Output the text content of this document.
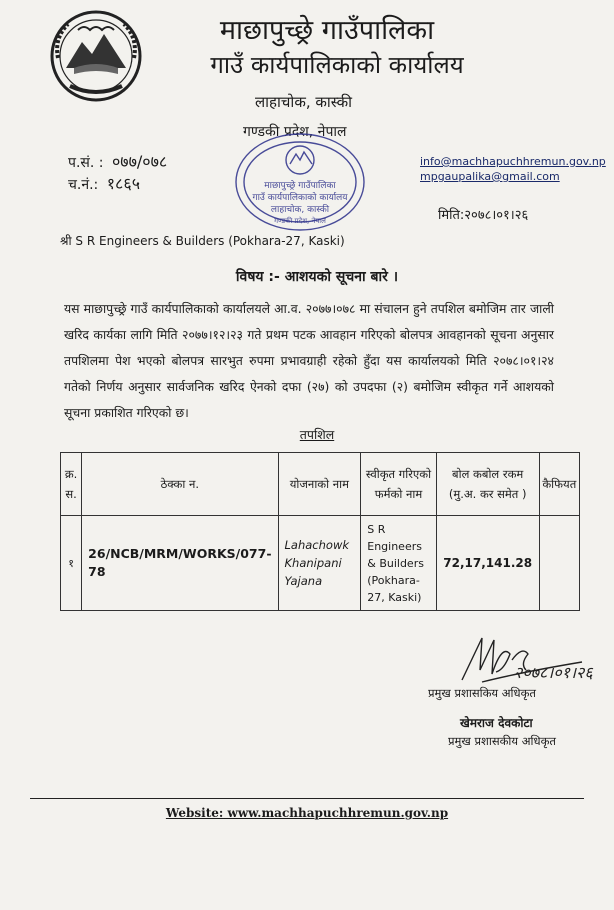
माछापुच्छ्रे गाउँपालिका
गाउँ कार्यपालिकाको कार्यालय
लाहाचोक, कास्की
गण्डकी प्रदेश, नेपाल
प.सं. : ०७७/०७८
च.नं.: १८६५
info@machhapuchhremun.gov.np
mpgaupalika@gmail.com
माछापुच्छ्रे गाउँपालिका
गाउँ कार्यपालिकाको कार्यालय
लाहाचोक, कास्की
गण्डकी प्रदेश, नेपाल	मिति:२०७८।०१।२६
श्री S R Engineers & Builders (Pokhara-27, Kaski)
विषय :- आशयको सूचना बारे ।
यस माछापुच्छ्रे गाउँ कार्यपालिकाको कार्यालयले आ.व. २०७७।०७८ मा संचालन हुने तपशिल बमोजिम तार जाली खरिद कार्यका लागि मिति २०७७।१२।२३ गते प्रथम पटक आवहान गरिएको बोलपत्र आवहानको सूचना अनुसार तपशिलमा पेश भएको बोलपत्र सारभुत रुपमा प्रभावग्राही रहेको हुँदा यस कार्यालयको मिति २०७८।०१।२४ गतेको निर्णय अनुसार सार्वजनिक खरिद ऐनको दफा (२७) को उपदफा (२) बमोजिम स्वीकृत गर्ने आशयको सूचना प्रकाशित गरिएको छ।
तपशिल
क्र. स.	ठेक्का न.	योजनाको नाम	स्वीकृत गरिएको फर्मको नाम	बोल कबोल रकम (मु.अ. कर समेत )	कैफियत
१	26/NCB/MRM/WORKS/077-78	Lahachowk Khanipani Yajana	S R Engineers & Builders (Pokhara-27, Kaski)	72,17,141.28	
२०७८।०१।२६
प्रमुख प्रशासकिय अधिकृत
खेमराज देवकोटा
प्रमुख प्रशासकीय अधिकृत
Website: www.machhapuchhremun.gov.np
